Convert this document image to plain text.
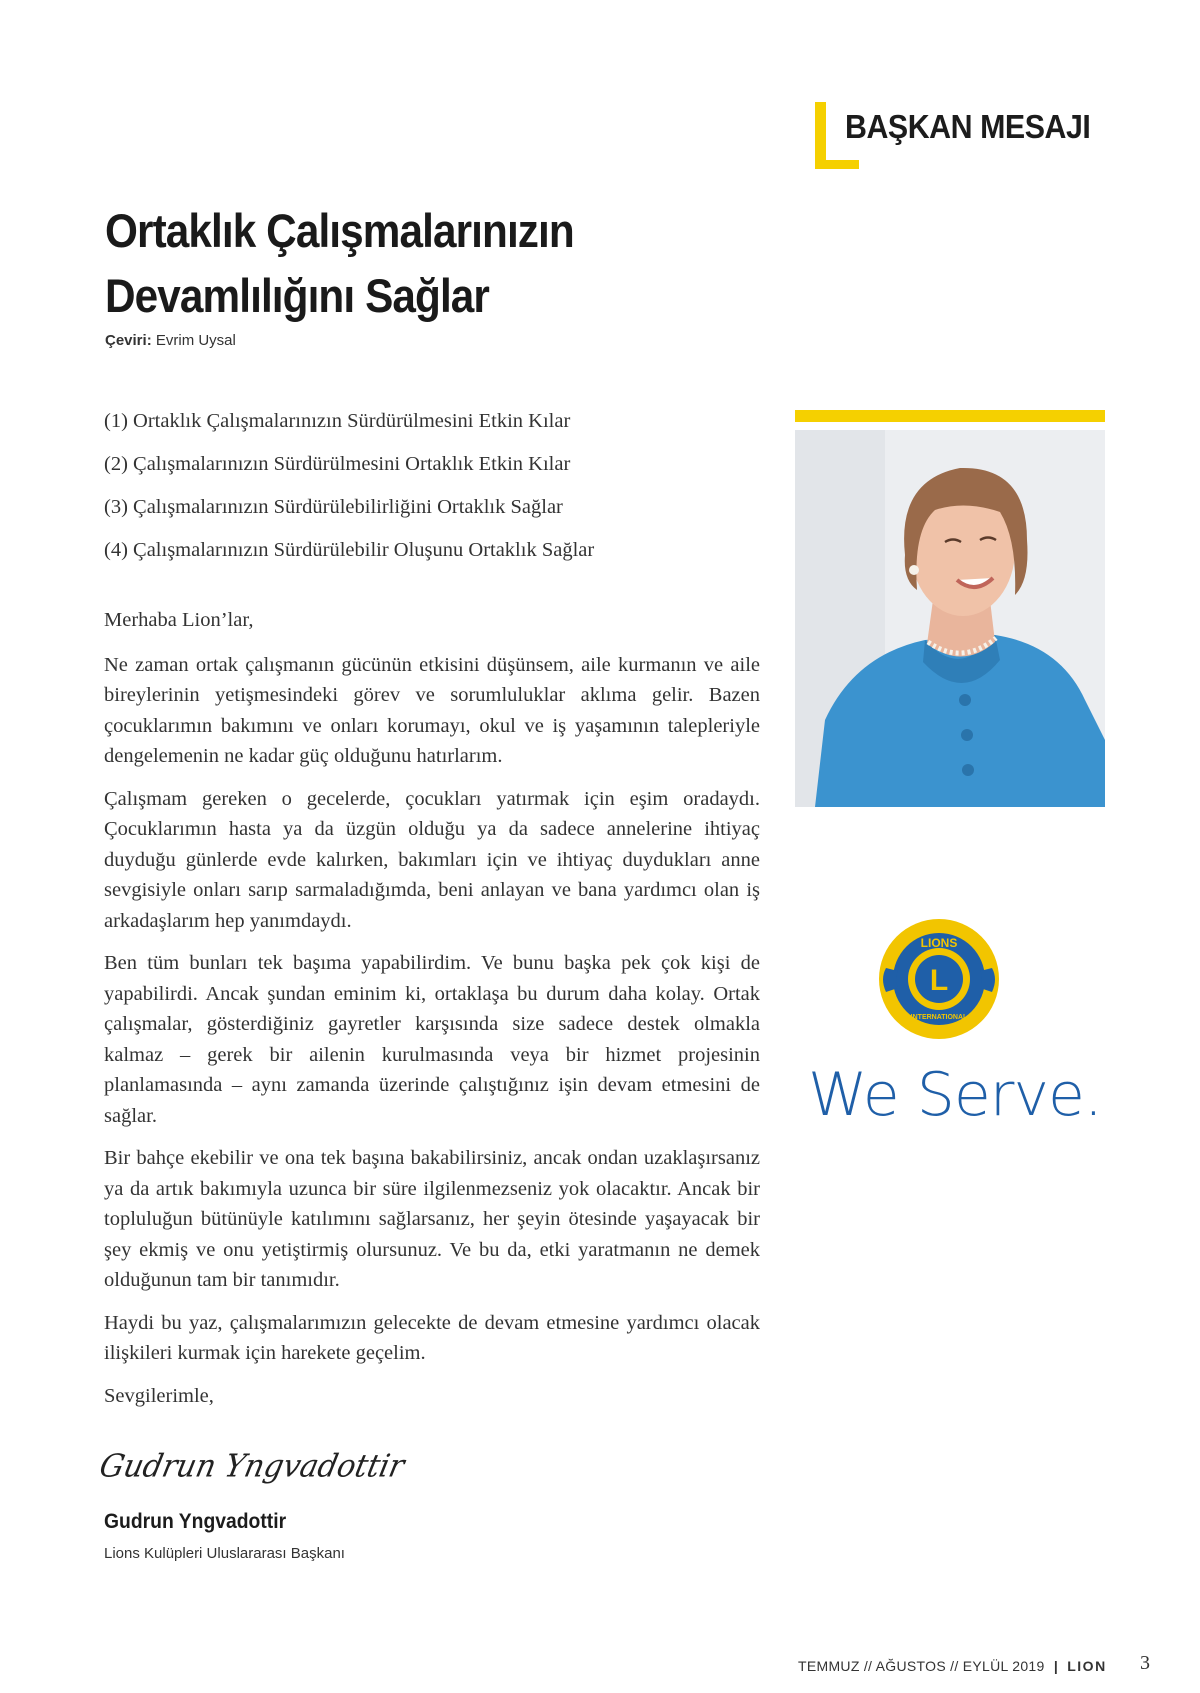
BAŞKAN MESAJI
Ortaklık Çalışmalarınızın
Devamlılığını Sağlar
Çeviri: Evrim Uysal
(1) Ortaklık Çalışmalarınızın Sürdürülmesini Etkin Kılar
(2) Çalışmalarınızın Sürdürülmesini Ortaklık Etkin Kılar
(3) Çalışmalarınızın Sürdürülebilirliğini Ortaklık Sağlar
(4) Çalışmalarınızın Sürdürülebilir Oluşunu Ortaklık Sağlar

Merhaba Lion’lar,

Ne zaman ortak çalışmanın gücünün etkisini düşünsem, aile kurmanın ve aile bireylerinin yetişmesindeki görev ve sorumluluklar aklıma gelir. Bazen çocuklarımın bakımını ve onları korumayı, okul ve iş yaşamının talepleriyle dengelemenin ne kadar güç olduğunu hatırlarım.

Çalışmam gereken o gecelerde, çocukları yatırmak için eşim oradaydı. Çocuklarımın hasta ya da üzgün olduğu ya da sadece annelerine ihtiyaç duyduğu günlerde evde kalırken, bakımları için ve ihtiyaç duydukları anne sevgisiyle onları sarıp sarmaladığımda, beni anlayan ve bana yardımcı olan iş arkadaşlarım hep yanımdaydı.

Ben tüm bunları tek başıma yapabilirdim. Ve bunu başka pek çok kişi de yapabilirdi. Ancak şundan eminim ki, ortaklaşa bu durum daha kolay. Ortak çalışmalar, gösterdiğiniz gayretler karşısında size sadece destek olmakla kalmaz – gerek bir ailenin kurulmasında veya bir hizmet projesinin planlamasında – aynı zamanda üzerinde çalıştığınız işin devam etmesini de sağlar.

Bir bahçe ekebilir ve ona tek başına bakabilirsiniz, ancak ondan uzaklaşırsanız ya da artık bakımıyla uzunca bir süre ilgilenmezseniz yok olacaktır. Ancak bir topluluğun bütünüyle katılımını sağlarsanız, her şeyin ötesinde yaşayacak bir şey ekmiş ve onu yetiştirmiş olursunuz. Ve bu da, etki yaratmanın ne demek olduğunun tam bir tanımıdır.

Haydi bu yaz, çalışmalarımızın gelecekte de devam etmesine yardımcı olacak ilişkileri kurmak için harekete geçelim.

Sevgilerimle,

Gudrun Yngvadottir
Gudrun Yngvadottir
Lions Kulüpleri Uluslararası Başkanı
LIONS
L
INTERNATIONAL
We Serve.
TEMMUZ // AĞUSTOS // EYLÜL 2019 | LION 3
